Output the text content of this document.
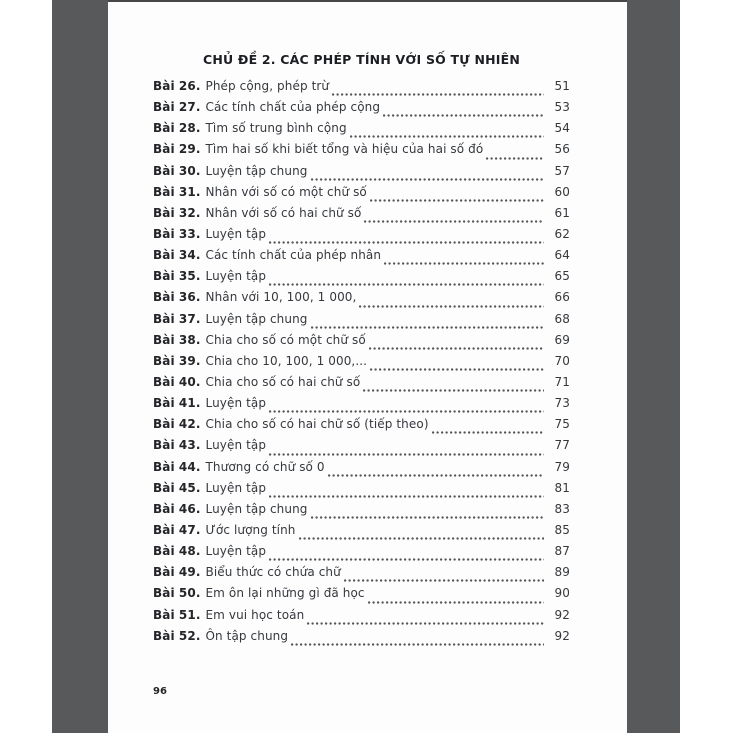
CHỦ ĐỀ 2. CÁC PHÉP TÍNH VỚI SỐ TỰ NHIÊN
Bài 26. Phép cộng, phép trừ	51
Bài 27. Các tính chất của phép cộng	53
Bài 28. Tìm số trung bình cộng	54
Bài 29. Tìm hai số khi biết tổng và hiệu của hai số đó	56
Bài 30. Luyện tập chung	57
Bài 31. Nhân với số có một chữ số	60
Bài 32. Nhân với số có hai chữ số	61
Bài 33. Luyện tập	62
Bài 34. Các tính chất của phép nhân	64
Bài 35. Luyện tập	65
Bài 36. Nhân với 10, 100, 1 000,	66
Bài 37. Luyện tập chung	68
Bài 38. Chia cho số có một chữ số	69
Bài 39. Chia cho 10, 100, 1 000,...	70
Bài 40. Chia cho số có hai chữ số	71
Bài 41. Luyện tập	73
Bài 42. Chia cho số có hai chữ số (tiếp theo)	75
Bài 43. Luyện tập	77
Bài 44. Thương có chữ số 0	79
Bài 45. Luyện tập	81
Bài 46. Luyện tập chung	83
Bài 47. Ước lượng tính	85
Bài 48. Luyện tập	87
Bài 49. Biểu thức có chứa chữ	89
Bài 50. Em ôn lại những gì đã học	90
Bài 51. Em vui học toán	92
Bài 52. Ôn tập chung	92
96
